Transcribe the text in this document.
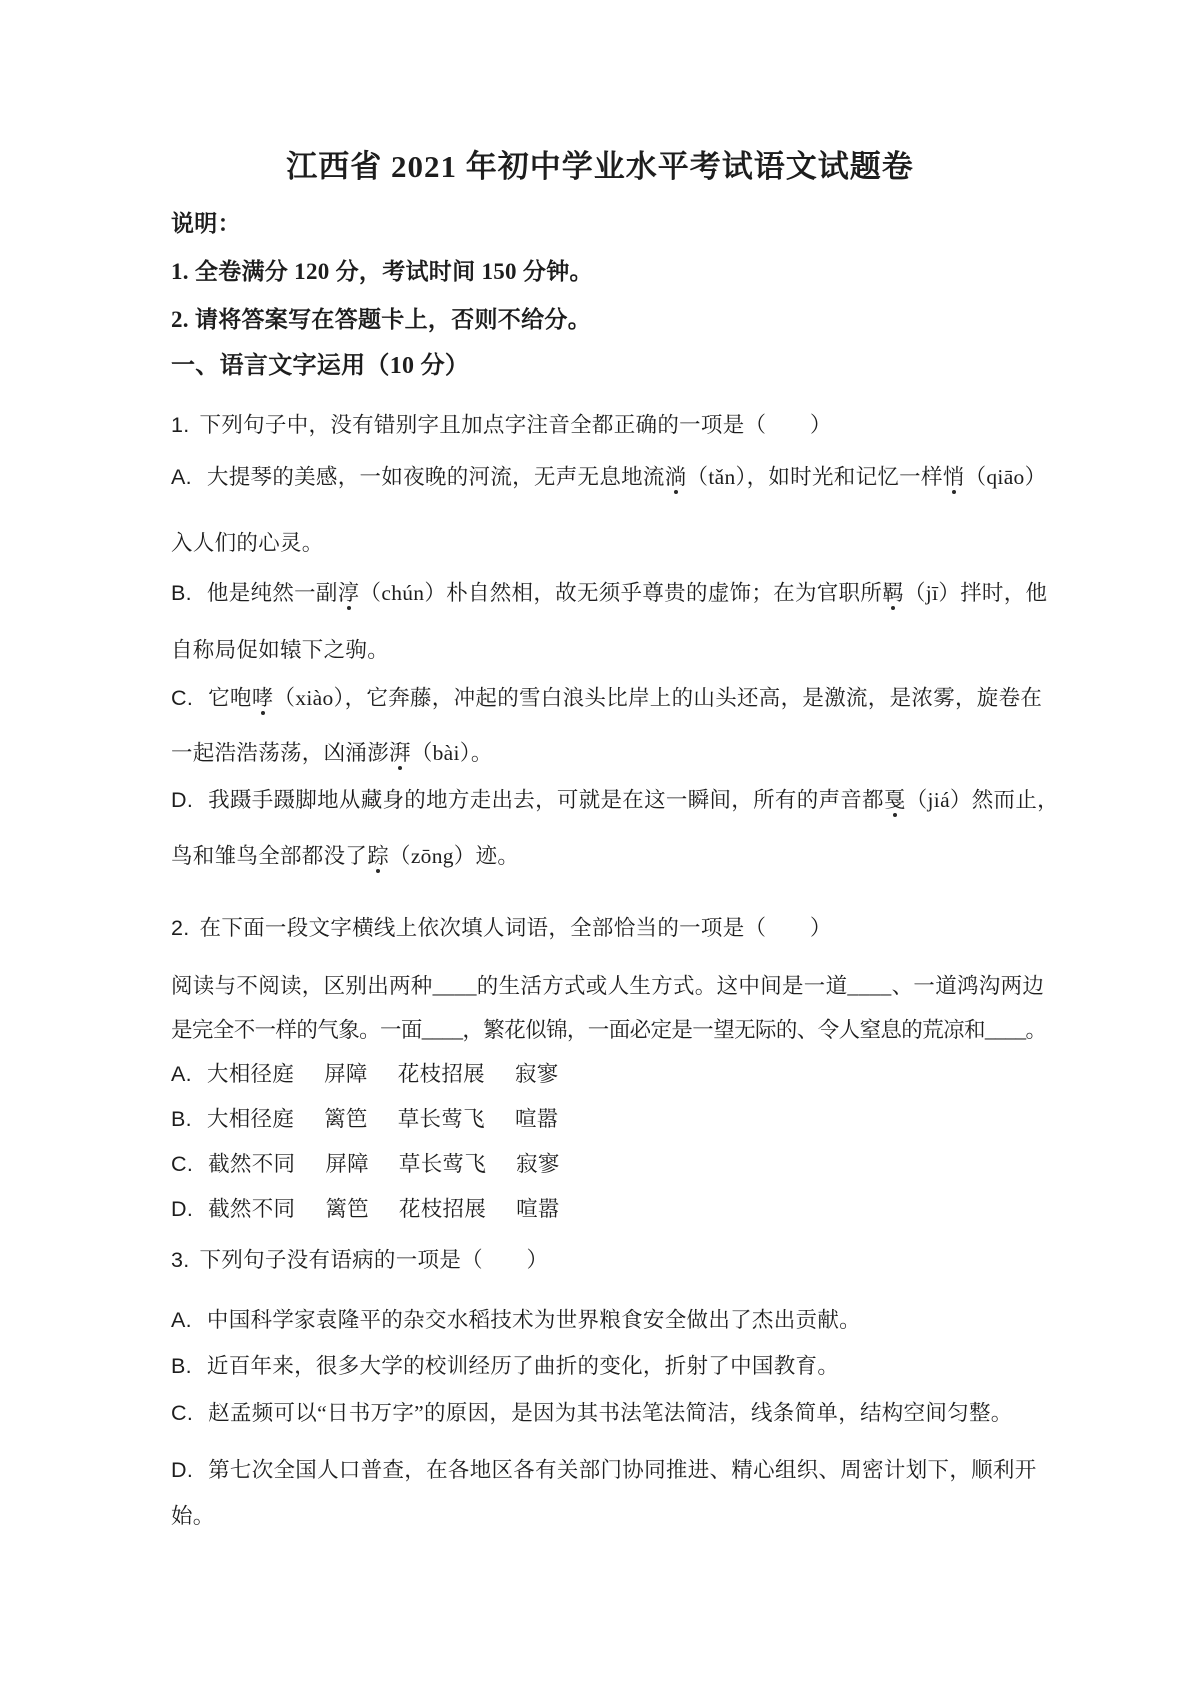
江西省 2021 年初中学业水平考试语文试题卷
说明：
1. 全卷满分 120 分，考试时间 150 分钟。
2. 请将答案写在答题卡上，否则不给分。
一、语言文字运用（10 分）
1. 下列句子中，没有错别字且加点字注音全都正确的一项是（　　）
A. 大提琴的美感，一如夜晚的河流，无声无息地流淌（tǎn），如时光和记忆一样悄（qiāo）
入人们的心灵。
B. 他是纯然一副淳（chún）朴自然相，故无须乎尊贵的虚饰；在为官职所羁（jī）拌时，他
自称局促如辕下之驹。
C. 它咆哮（xiào），它奔藤，冲起的雪白浪头比岸上的山头还高，是激流，是浓雾，旋卷在
一起浩浩荡荡，凶涌澎湃（bài）。
D. 我蹑手蹑脚地从藏身的地方走出去，可就是在这一瞬间，所有的声音都戛（jiá）然而止，
鸟和雏鸟全部都没了踪（zōng）迹。
2. 在下面一段文字横线上依次填人词语，全部恰当的一项是（　　）
阅读与不阅读，区别出两种____的生活方式或人生方式。这中间是一道____、一道鸿沟两边
是完全不一样的气象。一面____，繁花似锦，一面必定是一望无际的、令人窒息的荒凉和____。
A. 大相径庭 屏障 花枝招展 寂寥
B. 大相径庭 篱笆 草长莺飞 喧嚣
C. 截然不同 屏障 草长莺飞 寂寥
D. 截然不同 篱笆 花枝招展 喧嚣
3. 下列句子没有语病的一项是（　　）
A. 中国科学家袁隆平的杂交水稻技术为世界粮食安全做出了杰出贡献。
B. 近百年来，很多大学的校训经历了曲折的变化，折射了中国教育。
C. 赵孟频可以“日书万字”的原因，是因为其书法笔法简洁，线条简单，结构空间匀整。
D. 第七次全国人口普查，在各地区各有关部门协同推进、精心组织、周密计划下，顺利开
始。
